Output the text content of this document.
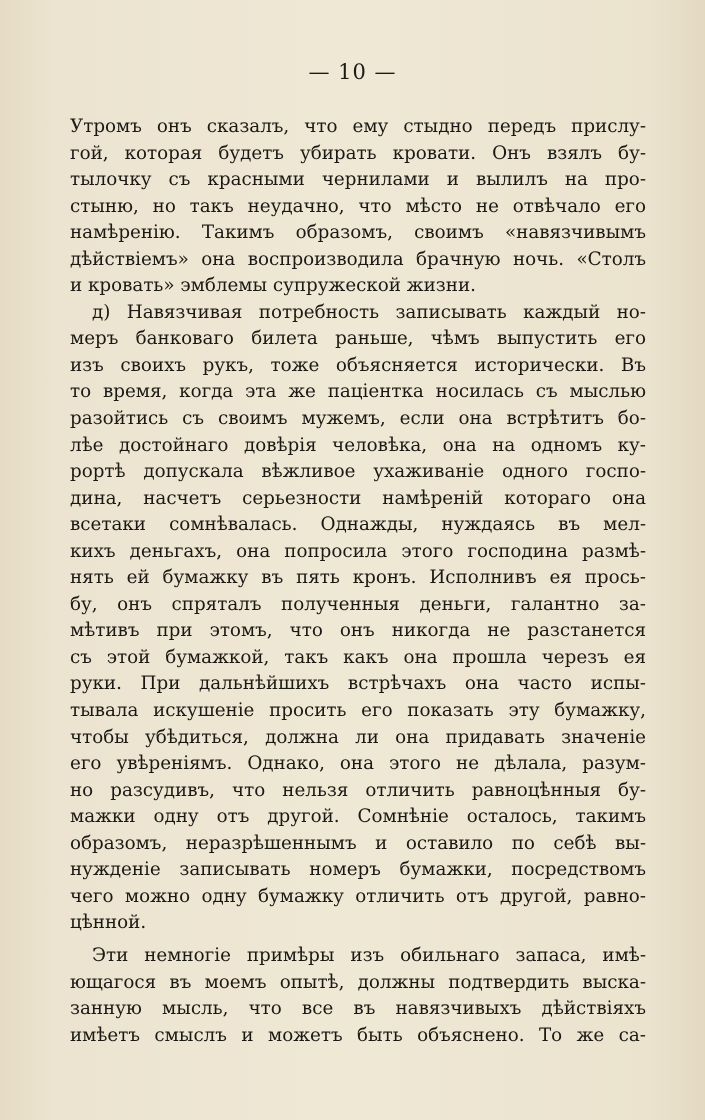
— 10 —
Утромъ онъ сказалъ, что ему стыдно передъ прислу-
гой, которая будетъ убирать кровати. Онъ взялъ бу-
тылочку съ красными чернилами и вылилъ на про-
стыню, но такъ неудачно, что мѣсто не отвѣчало его
намѣренію. Такимъ образомъ, своимъ «навязчивымъ
дѣйствіемъ» она воспроизводила брачную ночь. «Столъ
и кровать» эмблемы супружеской жизни.
д) Навязчивая потребность записывать каждый но-
меръ банковаго билета раньше, чѣмъ выпустить его
изъ своихъ рукъ, тоже объясняется исторически. Въ
то время, когда эта же паціентка носилась съ мыслью
разойтись съ своимъ мужемъ, если она встрѣтитъ бо-
лѣе достойнаго довѣрія человѣка, она на одномъ ку-
рортѣ допускала вѣжливое ухаживаніе одного госпо-
дина, насчетъ серьезности намѣреній котораго она
всетаки сомнѣвалась. Однажды, нуждаясь въ мел-
кихъ деньгахъ, она попросила этого господина размѣ-
нять ей бумажку въ пять кронъ. Исполнивъ ея прось-
бу, онъ спряталъ полученныя деньги, галантно за-
мѣтивъ при этомъ, что онъ никогда не разстанется
съ этой бумажкой, такъ какъ она прошла черезъ ея
руки. При дальнѣйшихъ встрѣчахъ она часто испы-
тывала искушеніе просить его показать эту бумажку,
чтобы убѣдиться, должна ли она придавать значеніе
его увѣреніямъ. Однако, она этого не дѣлала, разум-
но разсудивъ, что нельзя отличить равноцѣнныя бу-
мажки одну отъ другой. Сомнѣніе осталось, такимъ
образомъ, неразрѣшеннымъ и оставило по себѣ вы-
нужденіе записывать номеръ бумажки, посредствомъ
чего можно одну бумажку отличить отъ другой, равно-
цѣнной.
Эти немногіе примѣры изъ обильнаго запаса, имѣ-
ющагося въ моемъ опытѣ, должны подтвердить выска-
занную мысль, что все въ навязчивыхъ дѣйствіяхъ
имѣетъ смыслъ и можетъ быть объяснено. То же са-
